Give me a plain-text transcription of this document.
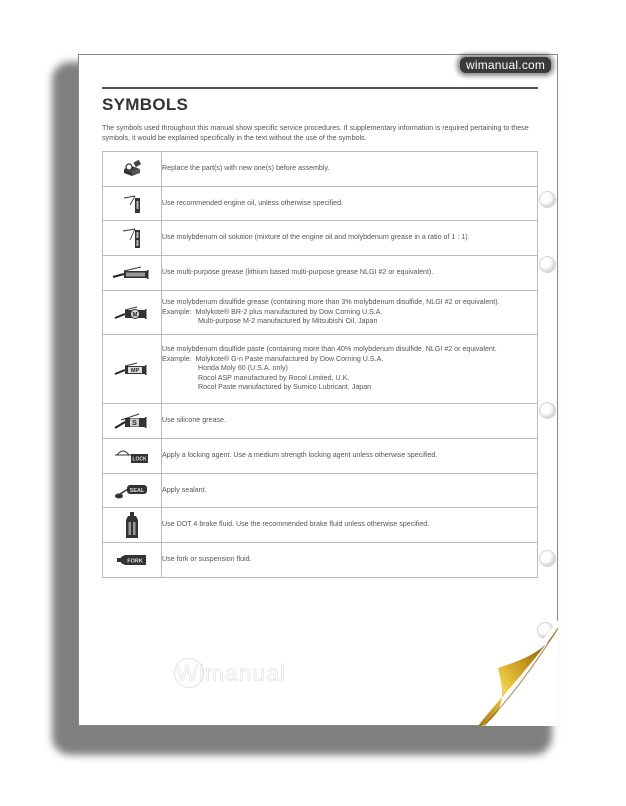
wimanual.com
SYMBOLS
The symbols used throughout this manual show specific service procedures. If supplementary information is required pertaining to these symbols, it would be explained specifically in the text without the use of the symbols.
	Replace the part(s) with new one(s) before assembly.

	Use recommended engine oil, unless otherwise specified.

	Use molybdenum oil solution (mixture of the engine oil and molybdenum grease in a ratio of 1 : 1).

	Use multi-purpose grease (lithium based multi-purpose grease NLGI #2 or equivalent).

M	Use molybdenum disulfide grease (containing more than 3% molybdenum disulfide, NLGI #2 or equivalent).
Example: Molykote® BR-2 plus manufactured by Dow Corning U.S.A.
Multi-purpose M-2 manufactured by Mitsubishi Oil, Japan

MP	Use molybdenum disulfide paste (containing more than 40% molybdenum disulfide, NLGI #2 or equivalent.
Example: Molykote® G-n Paste manufactured by Dow Corning U.S.A.
Honda Moly 60 (U.S.A. only)
Rocol ASP manufactured by Rocol Limited, U.K.
Rocol Paste manufactured by Sumico Lubricant, Japan

S	Use silicone grease.

LOCK	Apply a locking agent. Use a medium strength locking agent unless otherwise specified.

SEAL	Apply sealant.

	Use DOT 4 brake fluid. Use the recommended brake fluid unless otherwise specified.

FORK	Use fork or suspension fluid.
Wimanual
